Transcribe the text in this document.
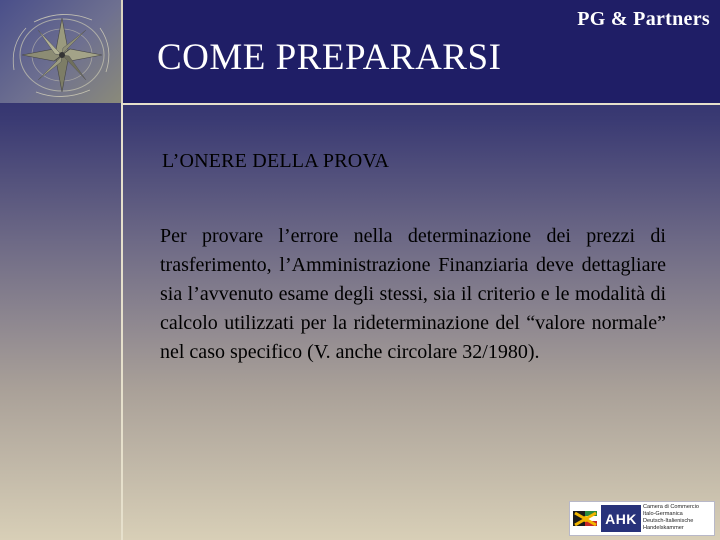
PG & Partners
COME PREPARARSI
L’ONERE DELLA PROVA
Per provare l’errore nella determinazione dei prezzi di trasferimento, l’Amministrazione Finanziaria deve dettagliare sia l’avvenuto esame degli stessi, sia il criterio e le modalità di calcolo utilizzati per la rideterminazione del “valore normale” nel caso specifico (V. anche circolare 32/1980).
AHK
Camera di Commercio
Italo-Germanica
Deutsch-Italienische
Handelskammer
